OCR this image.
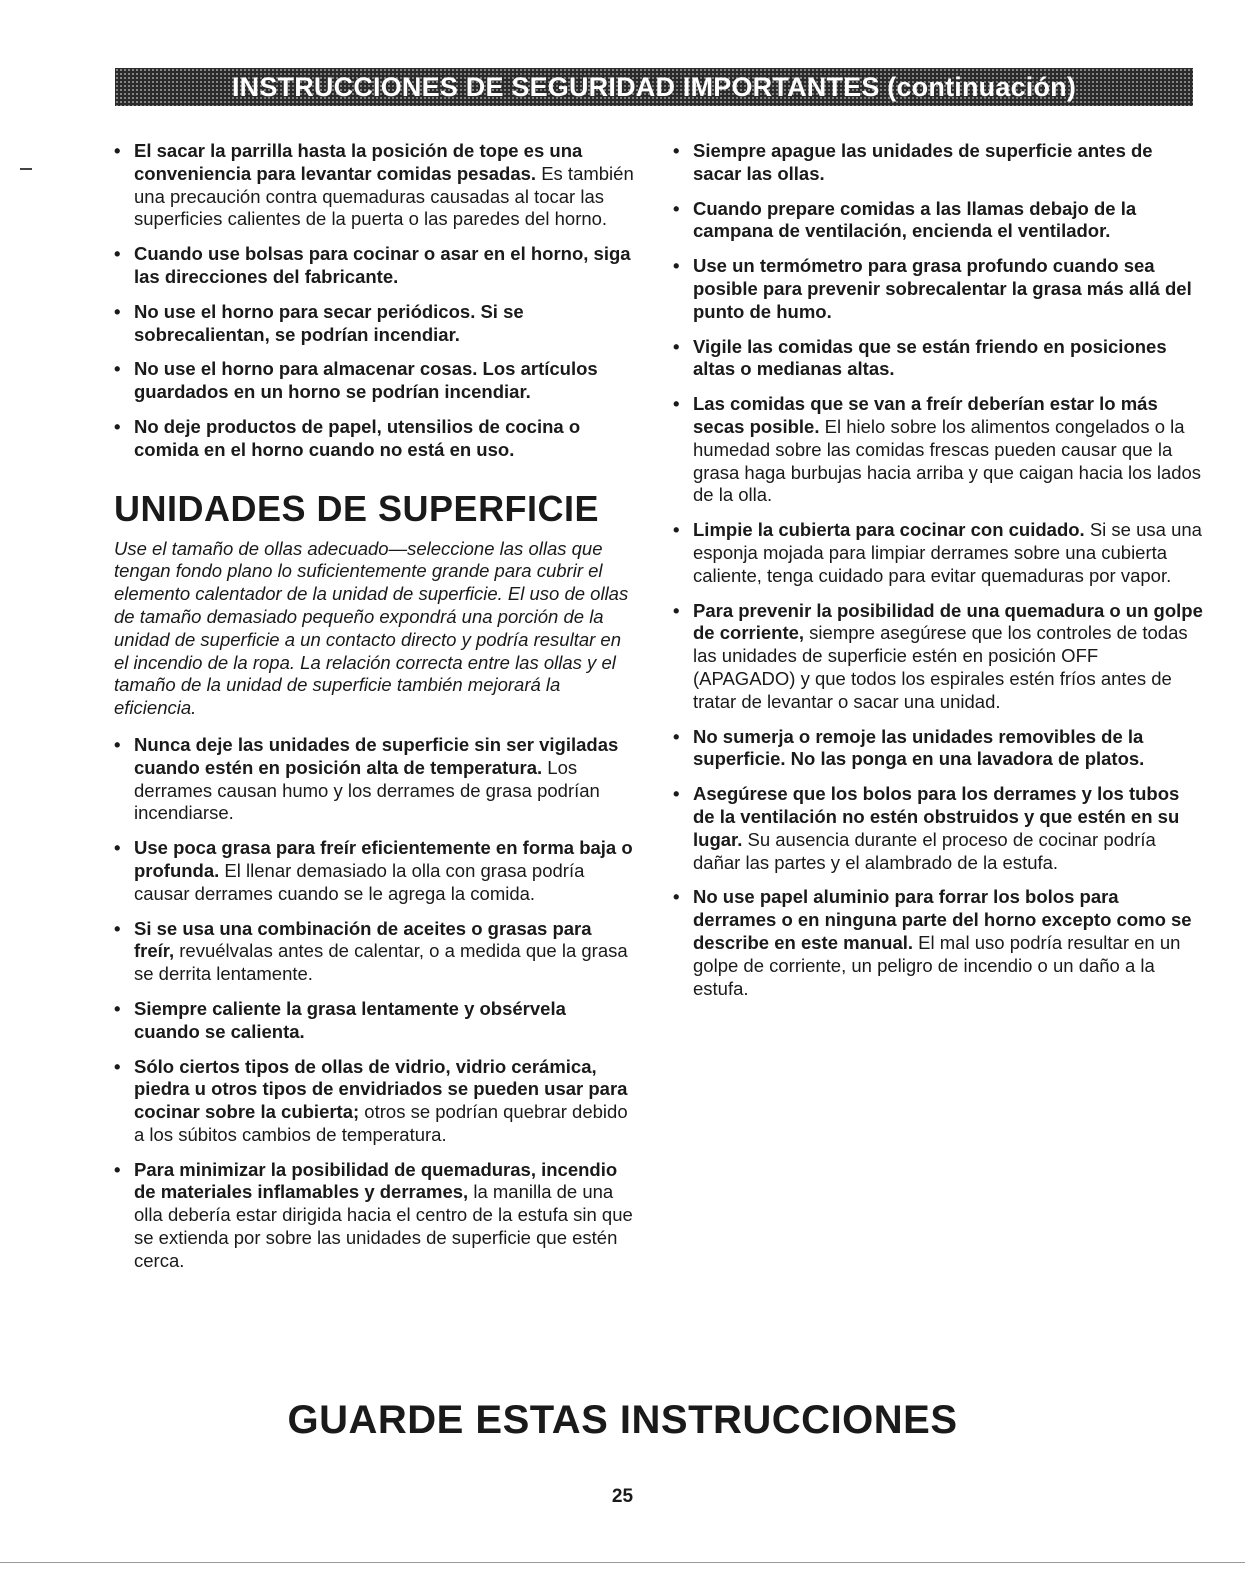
INSTRUCCIONES DE SEGURIDAD IMPORTANTES (continuación)
• El sacar la parrilla hasta la posición de tope es una conveniencia para levantar comidas pesadas. Es también una precaución contra quemaduras causadas al tocar las superficies calientes de la puerta o las paredes del horno.
• Cuando use bolsas para cocinar o asar en el horno, siga las direcciones del fabricante.
• No use el horno para secar periódicos. Si se sobrecalientan, se podrían incendiar.
• No use el horno para almacenar cosas. Los artículos guardados en un horno se podrían incendiar.
• No deje productos de papel, utensilios de cocina o comida en el horno cuando no está en uso.
UNIDADES DE SUPERFICIE

Use el tamaño de ollas adecuado—seleccione las ollas que tengan fondo plano lo suficientemente grande para cubrir el elemento calentador de la unidad de superficie. El uso de ollas de tamaño demasiado pequeño expondrá una porción de la unidad de superficie a un contacto directo y podría resultar en el incendio de la ropa. La relación correcta entre las ollas y el tamaño de la unidad de superficie también mejorará la eficiencia.

• Nunca deje las unidades de superficie sin ser vigiladas cuando estén en posición alta de temperatura. Los derrames causan humo y los derrames de grasa podrían incendiarse.
• Use poca grasa para freír eficientemente en forma baja o profunda. El llenar demasiado la olla con grasa podría causar derrames cuando se le agrega la comida.
• Si se usa una combinación de aceites o grasas para freír, revuélvalas antes de calentar, o a medida que la grasa se derrita lentamente.
• Siempre caliente la grasa lentamente y obsérvela cuando se calienta.
• Sólo ciertos tipos de ollas de vidrio, vidrio cerámica, piedra u otros tipos de envidriados se pueden usar para cocinar sobre la cubierta; otros se podrían quebrar debido a los súbitos cambios de temperatura.
• Para minimizar la posibilidad de quemaduras, incendio de materiales inflamables y derrames, la manilla de una olla debería estar dirigida hacia el centro de la estufa sin que se extienda por sobre las unidades de superficie que estén cerca.
• Siempre apague las unidades de superficie antes de sacar las ollas.
• Cuando prepare comidas a las llamas debajo de la campana de ventilación, encienda el ventilador.
• Use un termómetro para grasa profundo cuando sea posible para prevenir sobrecalentar la grasa más allá del punto de humo.
• Vigile las comidas que se están friendo en posiciones altas o medianas altas.
• Las comidas que se van a freír deberían estar lo más secas posible. El hielo sobre los alimentos congelados o la humedad sobre las comidas frescas pueden causar que la grasa haga burbujas hacia arriba y que caigan hacia los lados de la olla.
• Limpie la cubierta para cocinar con cuidado. Si se usa una esponja mojada para limpiar derrames sobre una cubierta caliente, tenga cuidado para evitar quemaduras por vapor.
• Para prevenir la posibilidad de una quemadura o un golpe de corriente, siempre asegúrese que los controles de todas las unidades de superficie estén en posición OFF (APAGADO) y que todos los espirales estén fríos antes de tratar de levantar o sacar una unidad.
• No sumerja o remoje las unidades removibles de la superficie. No las ponga en una lavadora de platos.
• Asegúrese que los bolos para los derrames y los tubos de la ventilación no estén obstruidos y que estén en su lugar. Su ausencia durante el proceso de cocinar podría dañar las partes y el alambrado de la estufa.
• No use papel aluminio para forrar los bolos para derrames o en ninguna parte del horno excepto como se describe en este manual. El mal uso podría resultar en un golpe de corriente, un peligro de incendio o un daño a la estufa.
GUARDE ESTAS INSTRUCCIONES
25
